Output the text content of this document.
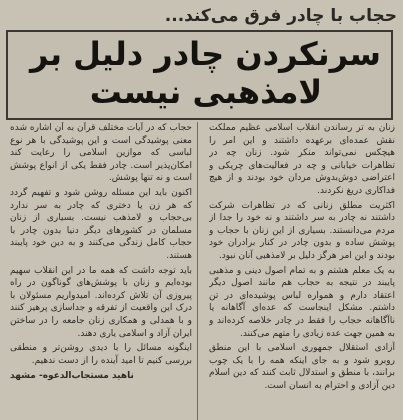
حجاب با چادر فرق می‌کند...
سرنکردن چادر دلیل بر
لامذهبی نیست

زنان به تر رساندن انقلاب اسلامی عظیم مملکت نقش عمده‌ای برعهده داشتند و این امر را هیچکس نمی‌تواند منکر شود. زنان چه در تظاهرات خیابانی و چه در فعالیت‌های چریکی و اعتراضی دوش‌بدوش مردان خود بودند و از هیچ فداکاری دریغ نکردند.

اکثریت مطلق زنانی که در تظاهرات شرکت داشتند نه چادر به سر داشتند و نه خود را جدا از مردم می‌دانستند. بسیاری از این زنان با حجاب و پوشش ساده و بدون چادر در کنار برادران خود بودند و این امر هرگز دلیل بر لامذهبی آنان نبود.

به یک معلم هشتم و به تمام اصول دینی و مذهبی پایبند در نتیجه به حجاب هم مانند اصول دیگر اعتقاد دارم و همواره لباس پوشیده‌ای در تن داشتم. مشکل اینجاست که عده‌ای آگاهانه یا ناآگاهانه حجاب را فقط در چادر خلاصه کرده‌اند و به همین جهت عده زیادی را متهم می‌کنند.

آزادی استقلال جمهوری اسلامی با این منطق روبرو شود و به جای اینکه همه را با یک چوب برانند، با منطق و استدلال ثابت کنند که دین اسلام دین آزادی و احترام به انسان است.

حجاب که در آیات مختلف قرآن به آن اشاره شده معنی پوشیدگی است و این پوشیدگی با هر نوع لباسی که موازین اسلامی را رعایت کند امکان‌پذیر است. چادر فقط یکی از انواع پوشش است و نه تنها پوشش.

اکنون باید این مسئله روشن شود و تفهیم گردد که هر زن یا دختری که چادر به سر ندارد بی‌حجاب و لامذهب نیست. بسیاری از زنان مسلمان در کشورهای دیگر دنیا بدون چادر با حجاب کامل زندگی می‌کنند و به دین خود پایبند هستند.

باید توجه داشت که همه ما در این انقلاب سهیم بوده‌ایم و زنان با پوشش‌های گوناگون در راه پیروزی آن تلاش کرده‌اند. امیدواریم مسئولان با درک این واقعیت از تفرقه و جداسازی پرهیز کنند و با همدلی و همکاری زنان جامعه را در ساختن ایران آزاد و اسلامی یاری دهند.

اینگونه مسائل را با دیدی روشن‌تر و منطقی بررسی کنیم تا امید آینده را از دست ندهیم.

ناهید مستجاب‌الدعوه- مشهد
